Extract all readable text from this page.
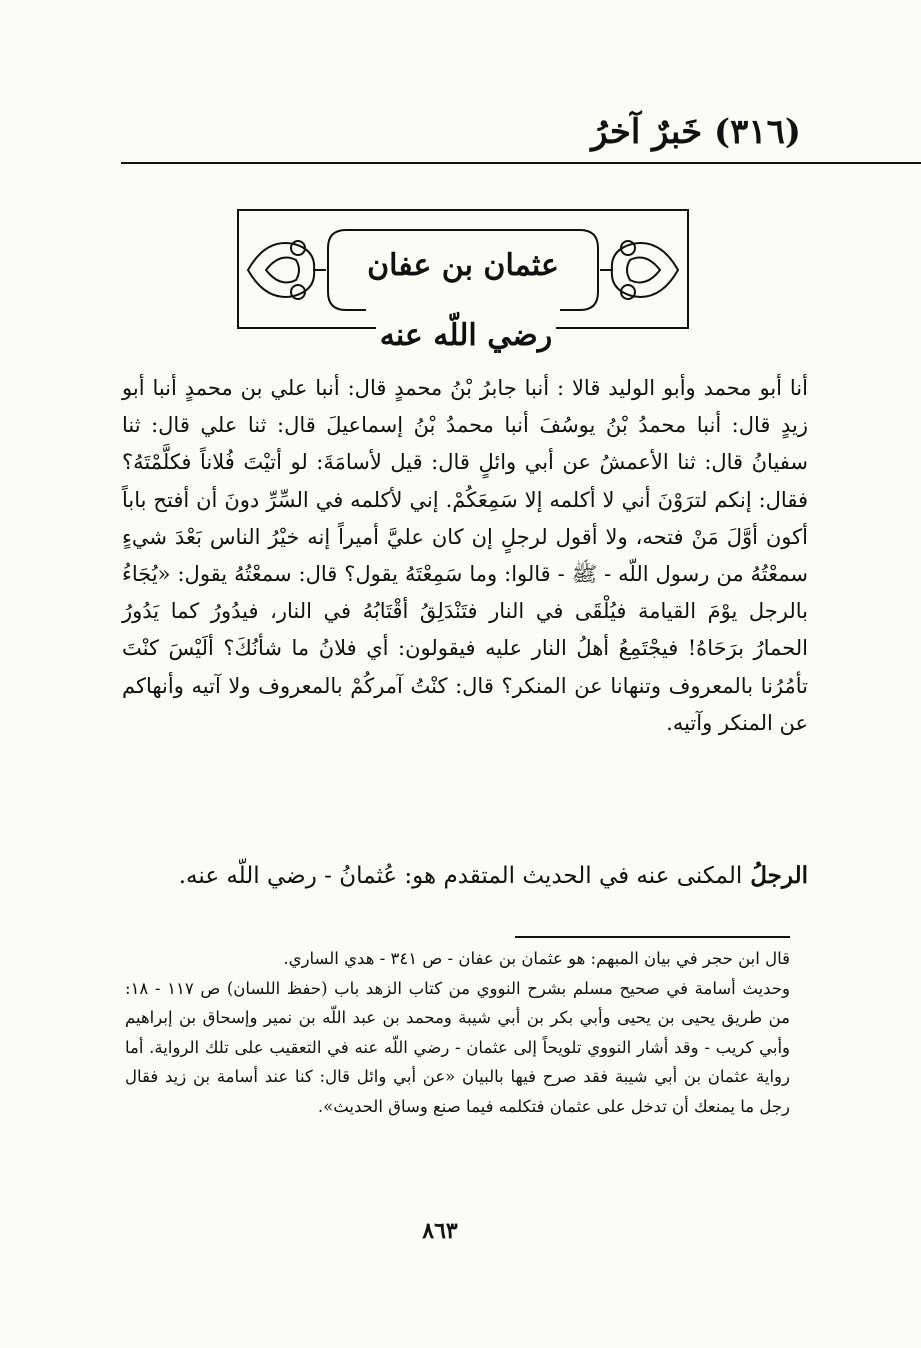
(٣١٦) خَبرٌ آخرُ
عثمان بن عفان
رضي اللّه عنه

أنا أبو محمد وأبو الوليد قالا : أنبا جابرُ بْنُ محمدٍ قال: أنبا علي بن محمدٍ أنبا أبو زيدٍ قال: أنبا محمدُ بْنُ يوسُفَ أنبا محمدُ بْنُ إسماعيلَ قال: ثنا علي قال: ثنا سفيانُ قال: ثنا الأعمشُ عن أبي وائلٍ قال: قيل لأسامَةَ: لو أتيْتَ فُلاناً فكلَّمْتَهُ؟ فقال: إنكم لترَوْنَ أني لا أكلمه إلا سَمِعَكُمْ. إني لأكلمه في السِّرِّ دونَ أن أفتح باباً أكون أوَّلَ مَنْ فتحه، ولا أقول لرجلٍ إن كان عليَّ أميراً إنه خيْرُ الناس بَعْدَ شيءٍ سمعْتُهُ من رسول اللّه - ﷺ - قالوا: وما سَمِعْتَهُ يقول؟ قال: سمعْتُهُ يقول: «يُجَاءُ بالرجل يوْمَ القيامة فيُلْقَى في النار فتَنْدَلِقُ أقْتَابُهُ في النار، فيدُورُ كما يَدُورُ الحمارُ برَحَاهُ! فيجْتَمِعُ أهلُ النار عليه فيقولون: أي فلانُ ما شأنُكَ؟ ألَيْسَ كنْتَ تأمُرُنا بالمعروف وتنهانا عن المنكر؟ قال: كنْتُ آمركُمْ بالمعروف ولا آتيه وأنهاكم عن المنكر وآتيه.

الرجلُ المكنى عنه في الحديث المتقدم هو: عُثمانُ - رضي اللّه عنه.

قال ابن حجر في بيان المبهم: هو عثمان بن عفان - ص ٣٤١ - هدي الساري.

وحديث أسامة في صحيح مسلم بشرح النووي من كتاب الزهد باب (حفظ اللسان) ص ١١٧ - ١٨: من طريق يحيى بن يحيى وأبي بكر بن أبي شيبة ومحمد بن عبد اللّه بن نمير وإسحاق بن إبراهيم وأبي كريب - وقد أشار النووي تلويحاً إلى عثمان - رضي اللّه عنه في التعقيب على تلك الرواية. أما رواية عثمان بن أبي شيبة فقد صرح فيها بالبيان «عن أبي وائل قال: كنا عند أسامة بن زيد فقال رجل ما يمنعك أن تدخل على عثمان فتكلمه فيما صنع وساق الحديث».

٨٦٣
